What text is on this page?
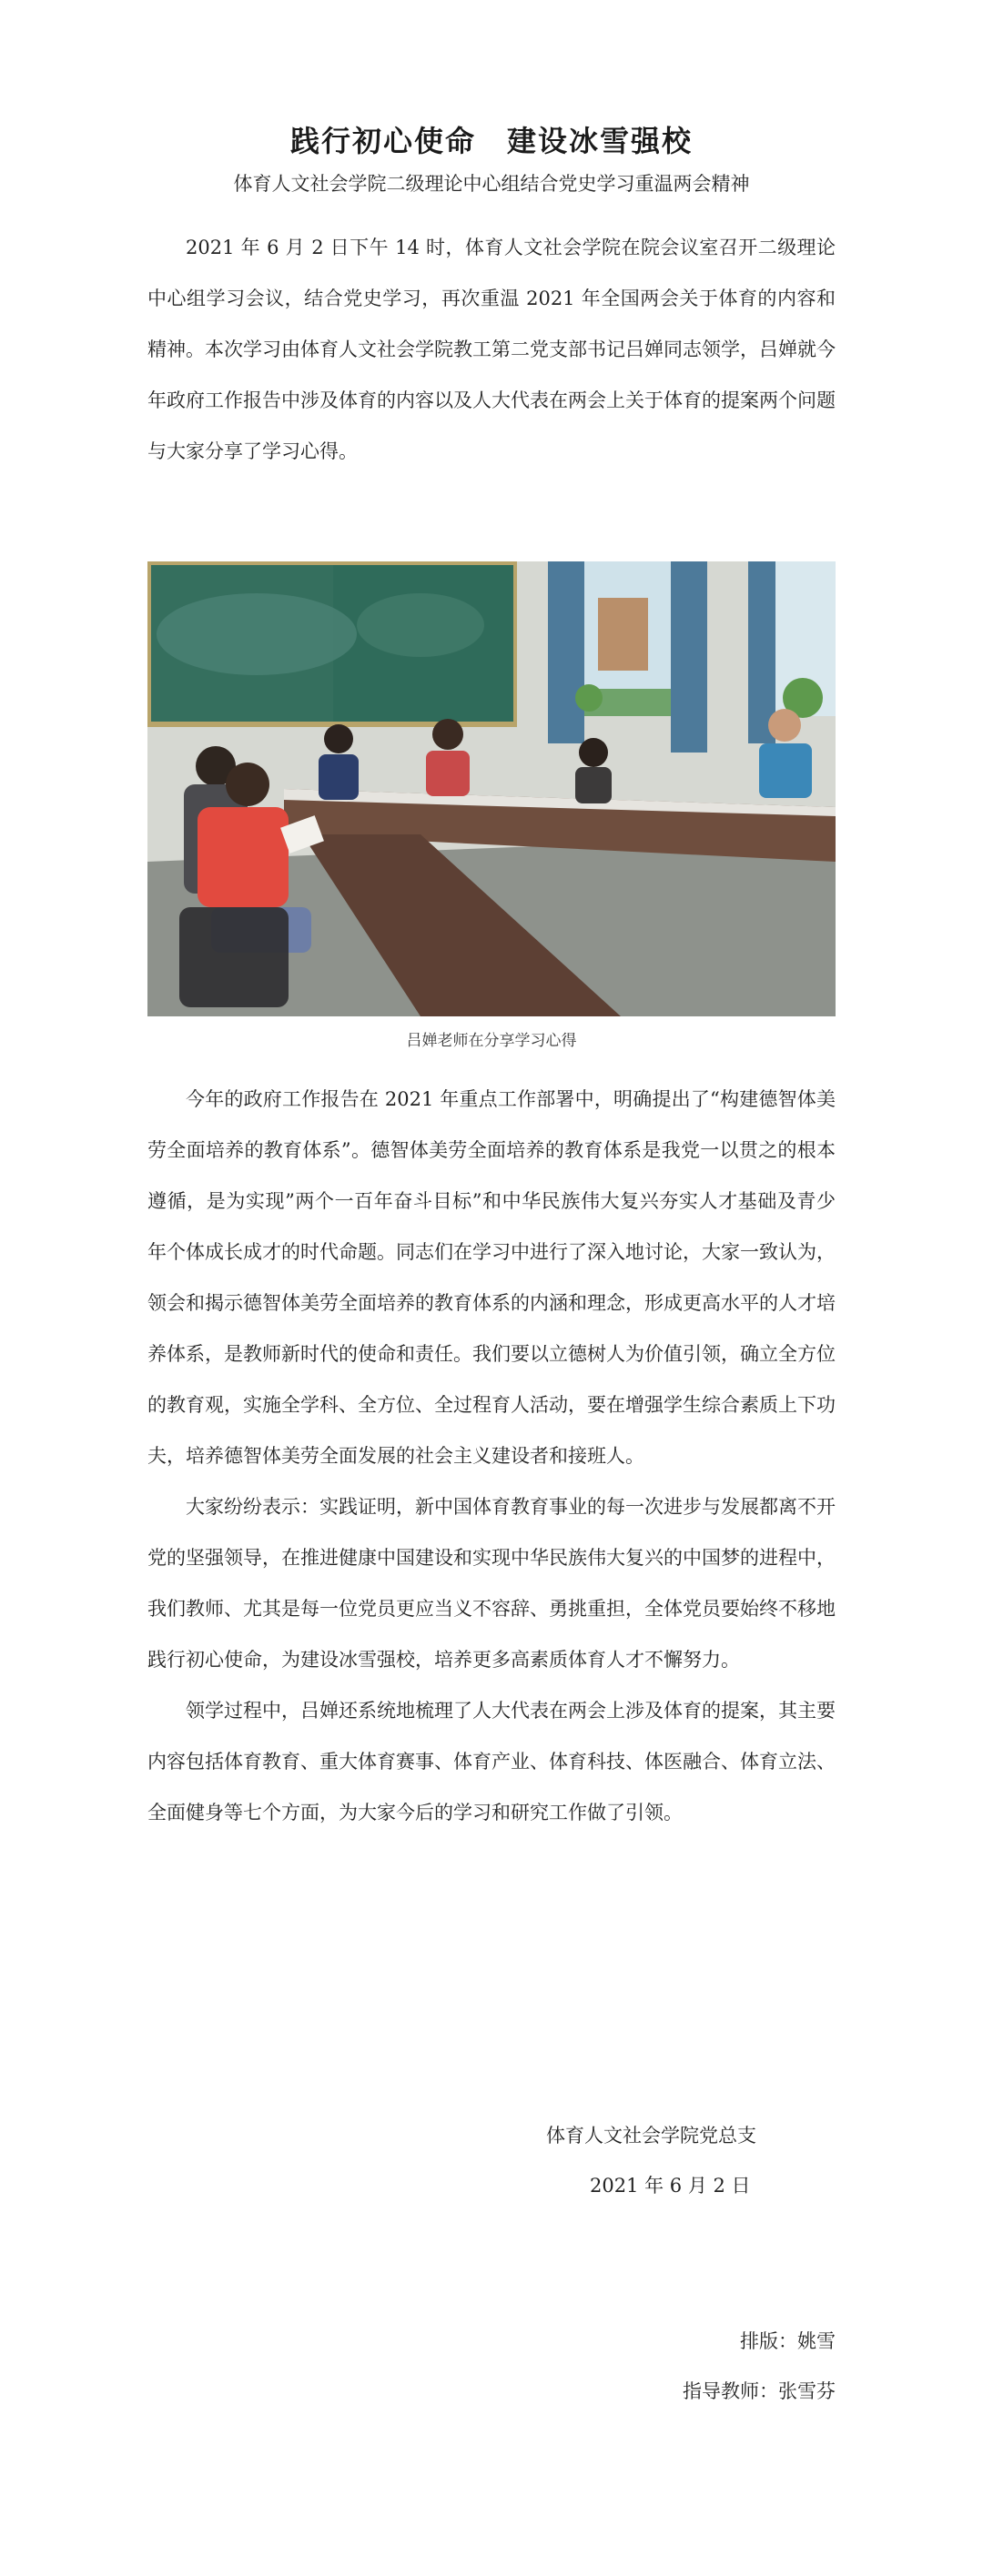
践行初心使命　建设冰雪强校
体育人文社会学院二级理论中心组结合党史学习重温两会精神

2021 年 6 月 2 日下午 14 时，体育人文社会学院在院会议室召开二级理论中心组学习会议，结合党史学习，再次重温 2021 年全国两会关于体育的内容和精神。本次学习由体育人文社会学院教工第二党支部书记吕婵同志领学，吕婵就今年政府工作报告中涉及体育的内容以及人大代表在两会上关于体育的提案两个问题与大家分享了学习心得。

吕婵老师在分享学习心得

今年的政府工作报告在 2021 年重点工作部署中，明确提出了“构建德智体美劳全面培养的教育体系”。德智体美劳全面培养的教育体系是我党一以贯之的根本遵循，是为实现”两个一百年奋斗目标”和中华民族伟大复兴夯实人才基础及青少年个体成长成才的时代命题。同志们在学习中进行了深入地讨论，大家一致认为，领会和揭示德智体美劳全面培养的教育体系的内涵和理念，形成更高水平的人才培养体系，是教师新时代的使命和责任。我们要以立德树人为价值引领，确立全方位的教育观，实施全学科、全方位、全过程育人活动，要在增强学生综合素质上下功夫，培养德智体美劳全面发展的社会主义建设者和接班人。

大家纷纷表示：实践证明，新中国体育教育事业的每一次进步与发展都离不开党的坚强领导，在推进健康中国建设和实现中华民族伟大复兴的中国梦的进程中，我们教师、尤其是每一位党员更应当义不容辞、勇挑重担，全体党员要始终不移地践行初心使命，为建设冰雪强校，培养更多高素质体育人才不懈努力。

领学过程中，吕婵还系统地梳理了人大代表在两会上涉及体育的提案，其主要内容包括体育教育、重大体育赛事、体育产业、体育科技、体医融合、体育立法、全面健身等七个方面，为大家今后的学习和研究工作做了引领。

体育人文社会学院党总支
2021 年 6 月 2 日
排版：姚雪
指导教师：张雪芬
